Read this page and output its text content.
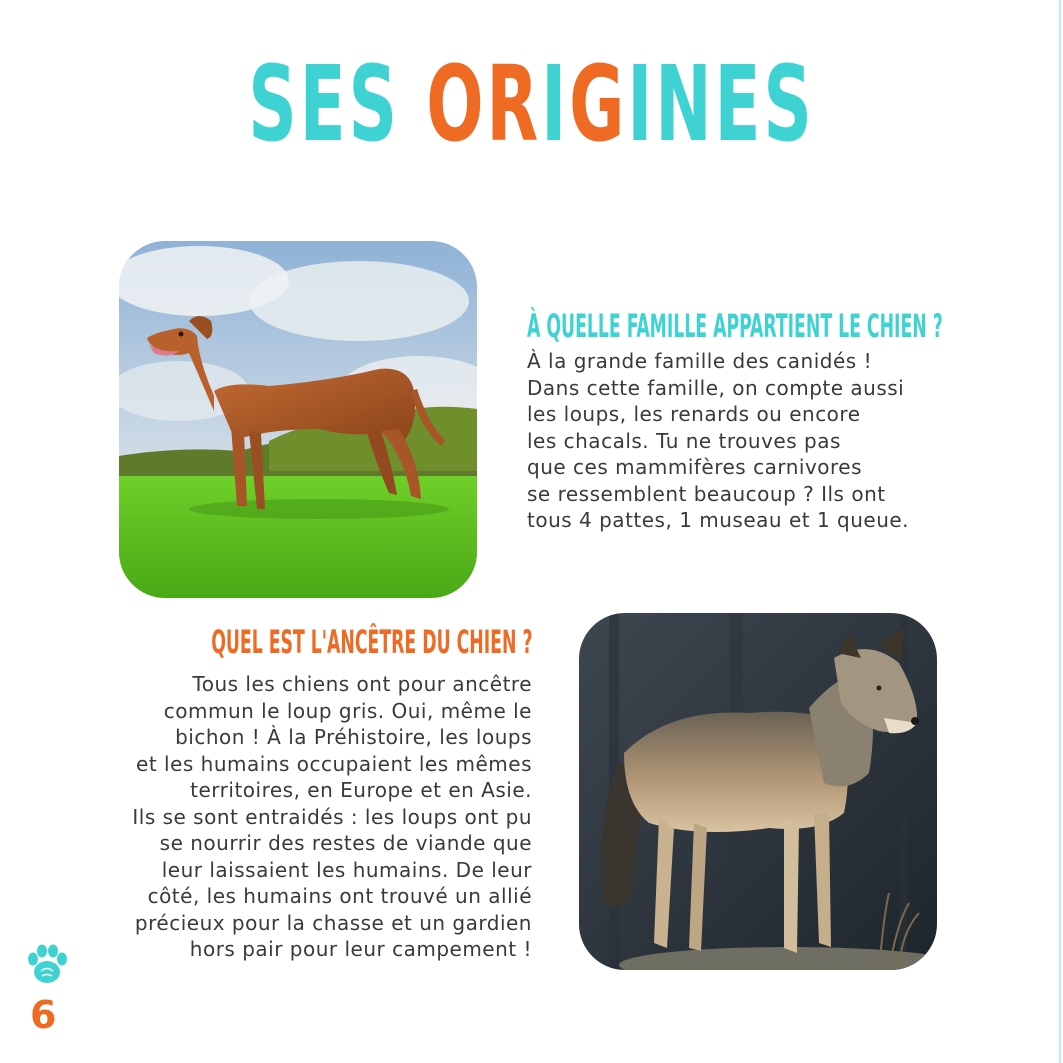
SES ORIGINES
À QUELLE FAMILLE APPARTIENT LE CHIEN ?
À la grande famille des canidés !
Dans cette famille, on compte aussi
les loups, les renards ou encore
les chacals. Tu ne trouves pas
que ces mammifères carnivores
se ressemblent beaucoup ? Ils ont
tous 4 pattes, 1 museau et 1 queue.
QUEL EST L'ANCÊTRE DU CHIEN ?
Tous les chiens ont pour ancêtre
commun le loup gris. Oui, même le
bichon ! À la Préhistoire, les loups
et les humains occupaient les mêmes
territoires, en Europe et en Asie.
Ils se sont entraidés : les loups ont pu
se nourrir des restes de viande que
leur laissaient les humains. De leur
côté, les humains ont trouvé un allié
précieux pour la chasse et un gardien
hors pair pour leur campement !
6
